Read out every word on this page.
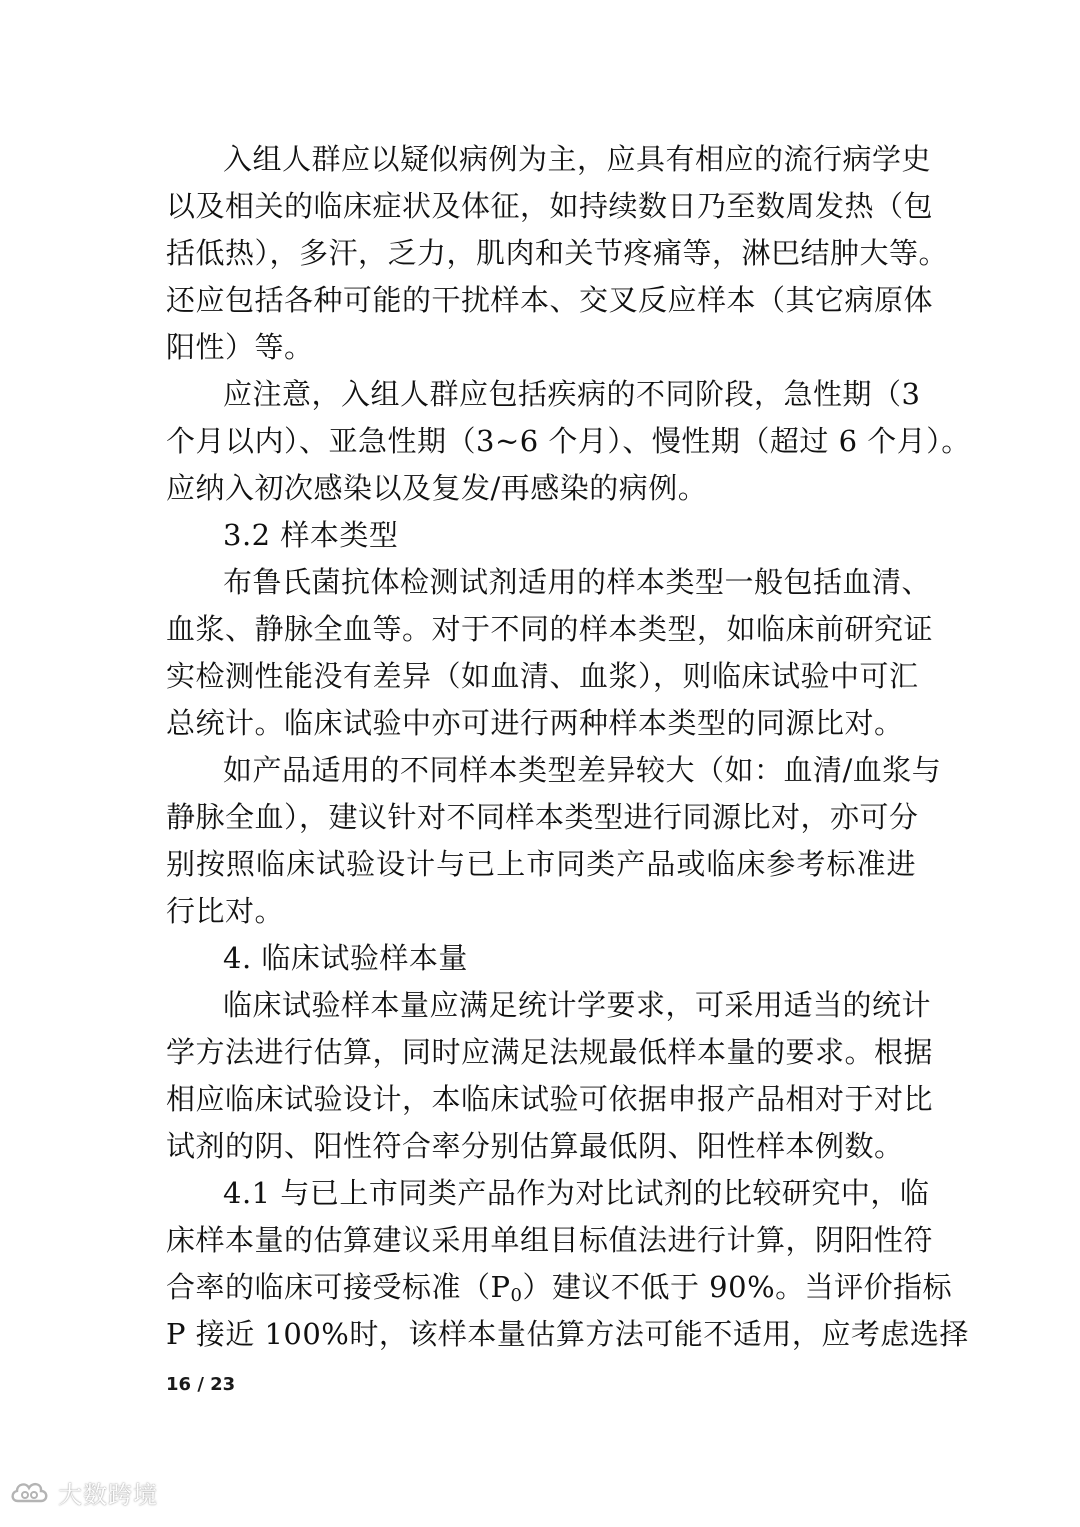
入组人群应以疑似病例为主，应具有相应的流行病学史
以及相关的临床症状及体征，如持续数日乃至数周发热（包
括低热），多汗，乏力，肌肉和关节疼痛等，淋巴结肿大等。
还应包括各种可能的干扰样本、交叉反应样本（其它病原体
阳性）等。
应注意，入组人群应包括疾病的不同阶段，急性期（3
个月以内）、亚急性期（3~6 个月）、慢性期（超过 6 个月）。
应纳入初次感染以及复发/再感染的病例。
3.2 样本类型
布鲁氏菌抗体检测试剂适用的样本类型一般包括血清、
血浆、静脉全血等。对于不同的样本类型，如临床前研究证
实检测性能没有差异（如血清、血浆），则临床试验中可汇
总统计。临床试验中亦可进行两种样本类型的同源比对。
如产品适用的不同样本类型差异较大（如：血清/血浆与
静脉全血），建议针对不同样本类型进行同源比对，亦可分
别按照临床试验设计与已上市同类产品或临床参考标准进
行比对。
4. 临床试验样本量
临床试验样本量应满足统计学要求，可采用适当的统计
学方法进行估算，同时应满足法规最低样本量的要求。根据
相应临床试验设计，本临床试验可依据申报产品相对于对比
试剂的阴、阳性符合率分别估算最低阴、阳性样本例数。
4.1 与已上市同类产品作为对比试剂的比较研究中，临
床样本量的估算建议采用单组目标值法进行计算，阴阳性符
合率的临床可接受标准$(P_0)$建议不低于 90%。当评价指标
P 接近 100%时，该样本量估算方法可能不适用，应考虑选择
16 / 23
大数跨境
